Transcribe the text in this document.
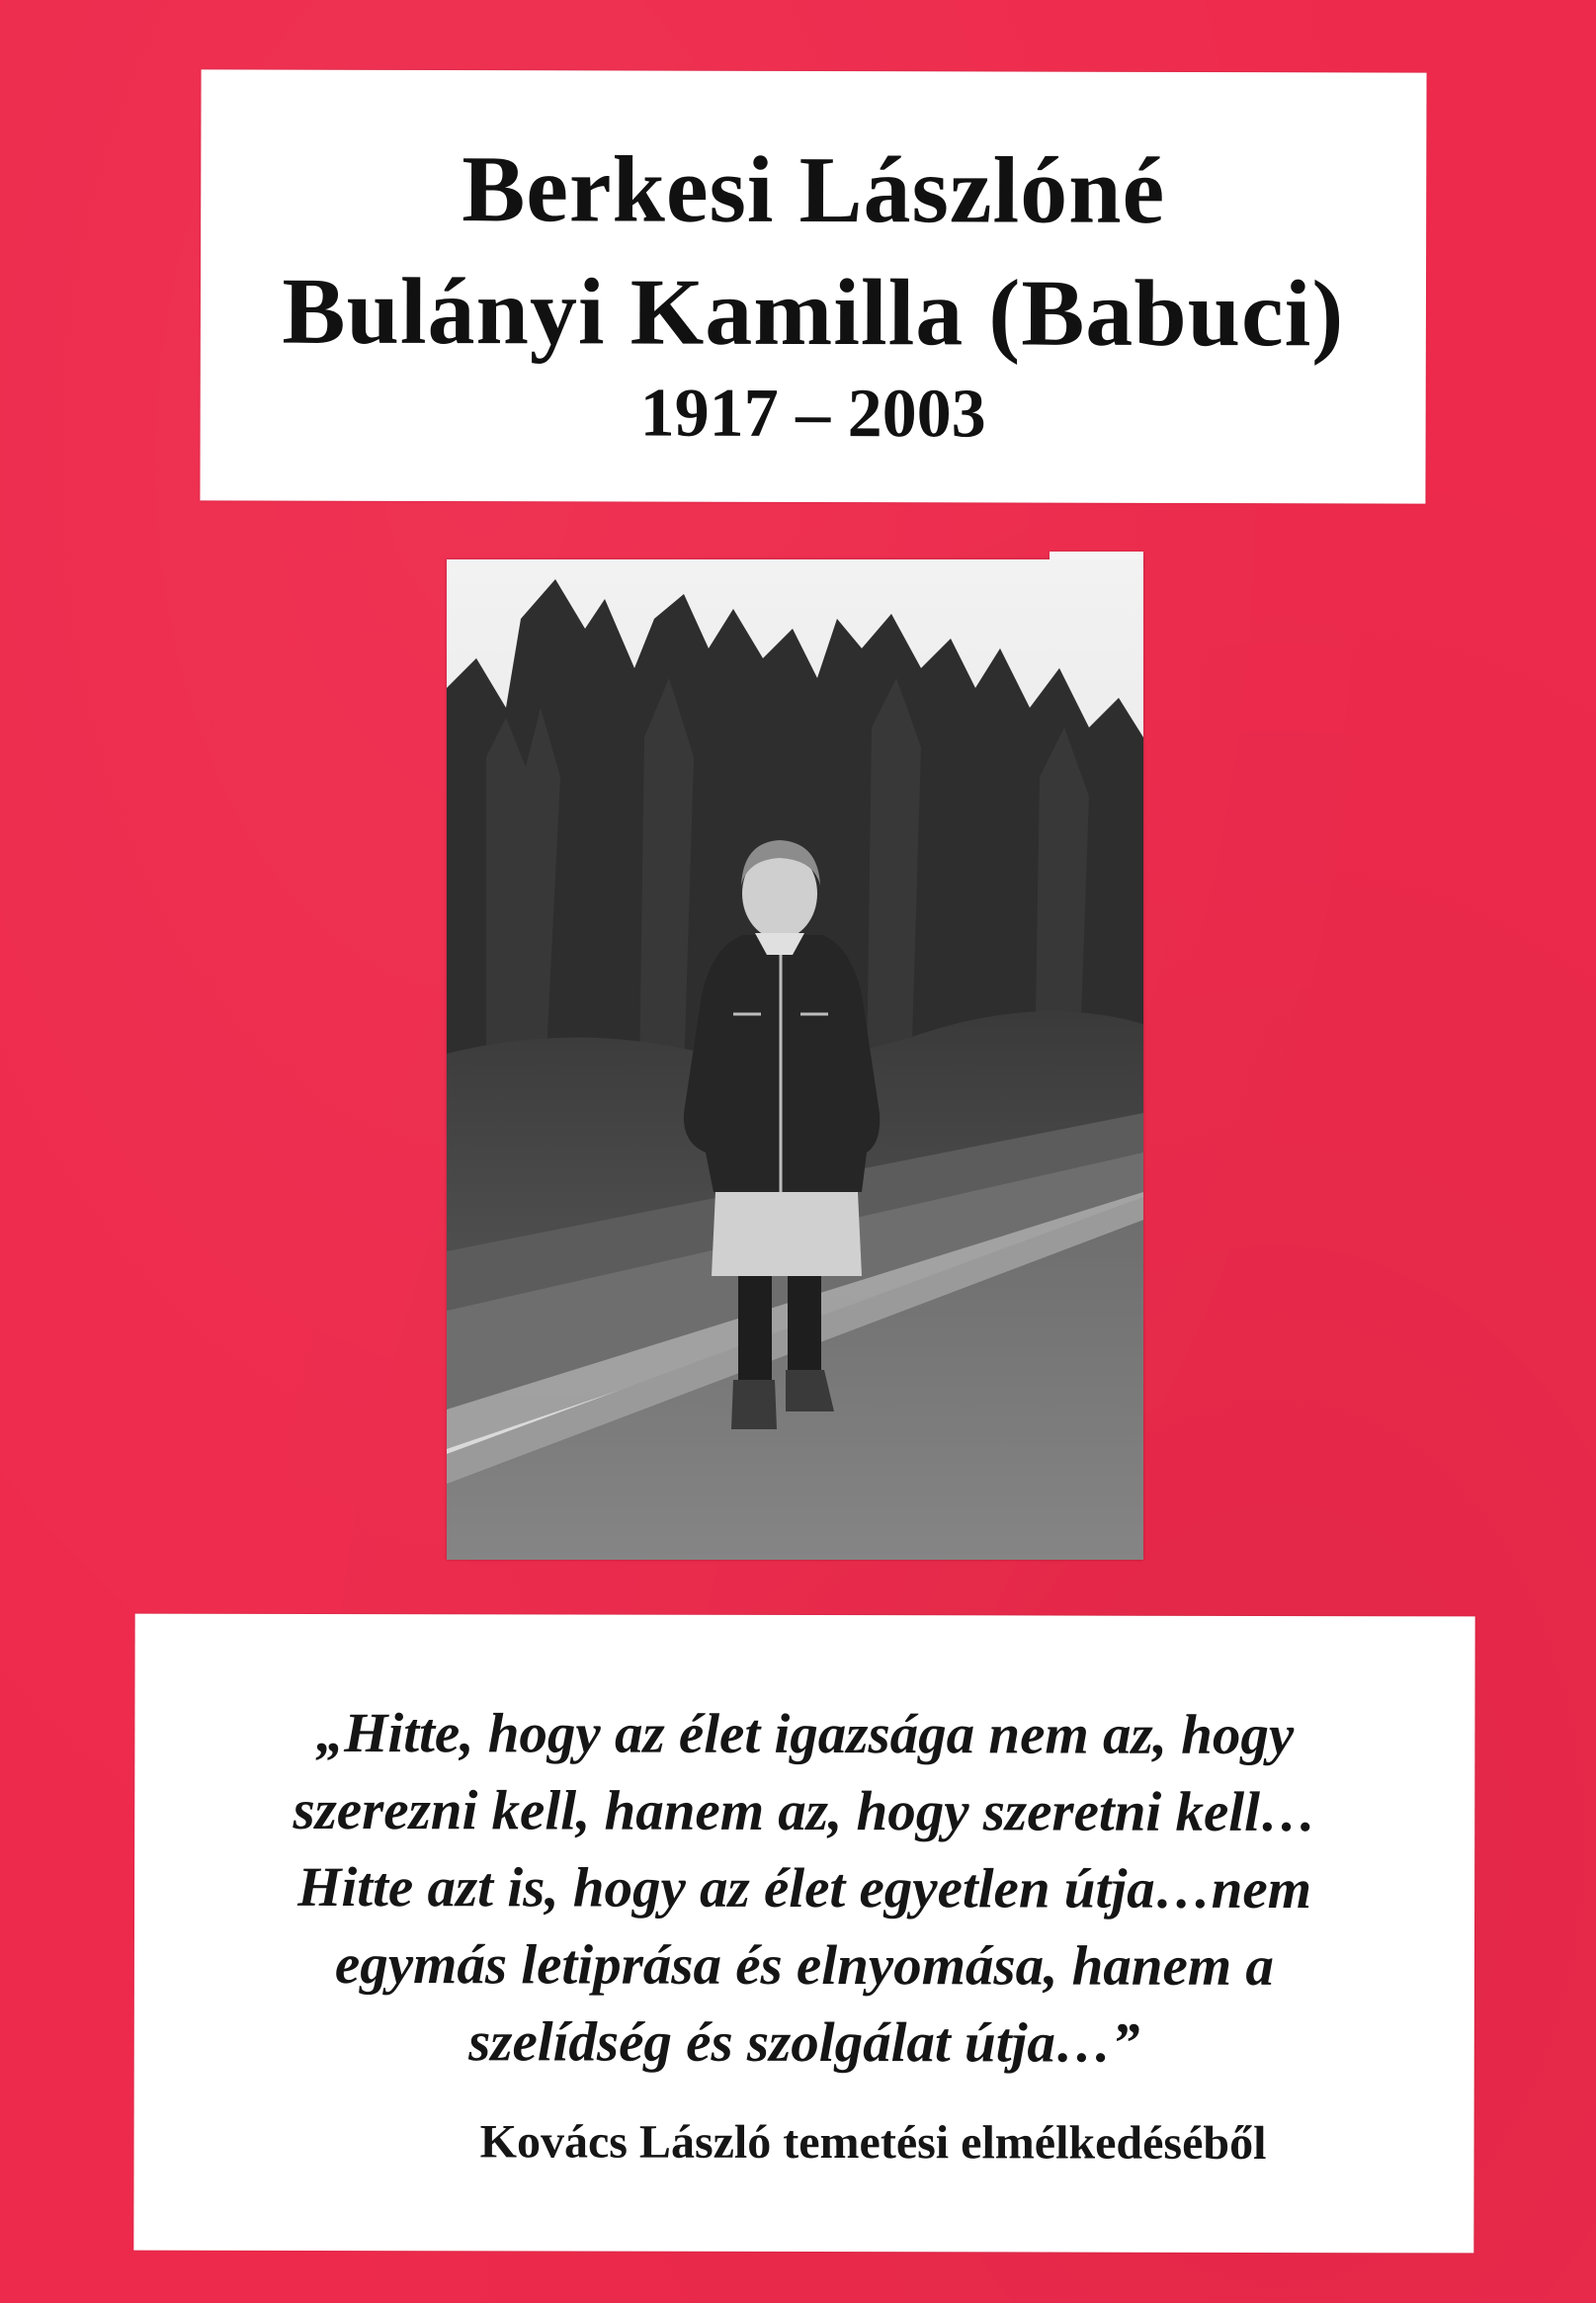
Berkesi Lászlóné
Bulányi Kamilla (Babuci)
1917 – 2003
„Hitte, hogy az élet igazsága nem az, hogy
szerezni kell, hanem az, hogy szeretni kell…
Hitte azt is, hogy az élet egyetlen útja…nem
egymás letiprása és elnyomása, hanem a
szelídség és szolgálat útja…”
Kovács László temetési elmélkedéséből
